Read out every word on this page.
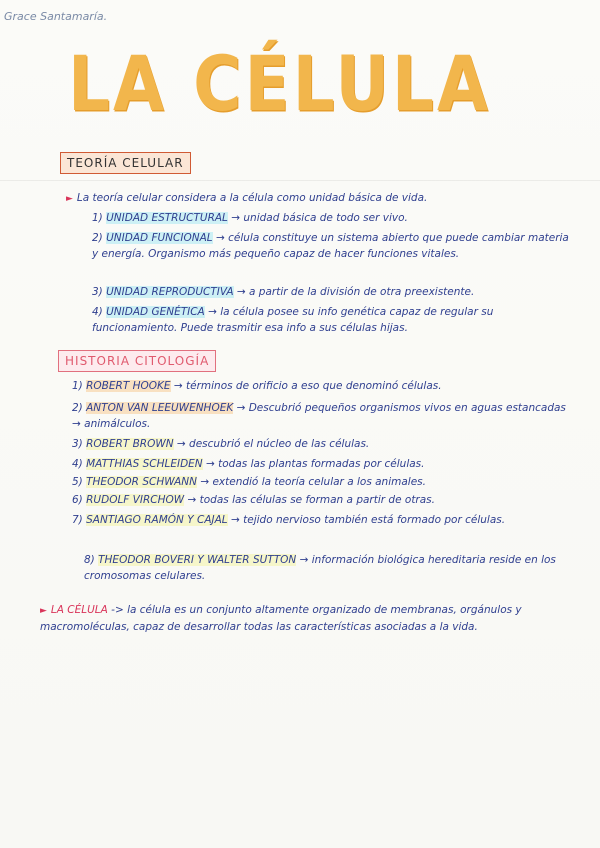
Grace Santamaría.
LA CÉLULA
TEORÍA CELULAR
► La teoría celular considera a la célula como unidad básica de vida.
1) UNIDAD ESTRUCTURAL → unidad básica de todo ser vivo.
2) UNIDAD FUNCIONAL → célula constituye un sistema abierto que puede cambiar materia y energía. Organismo más pequeño capaz de hacer funciones vitales.
3) UNIDAD REPRODUCTIVA → a partir de la división de otra preexistente.
4) UNIDAD GENÉTICA → la célula posee su info genética capaz de regular su funcionamiento. Puede trasmitir esa info a sus células hijas.
HISTORIA CITOLOGÍA
1) ROBERT HOOKE → términos de orificio a eso que denominó células.
2) ANTON VAN LEEUWENHOEK → Descubrió pequeños organismos vivos en aguas estancadas → animálculos.
3) ROBERT BROWN → descubrió el núcleo de las células.
4) MATTHIAS SCHLEIDEN → todas las plantas formadas por células.
5) THEODOR SCHWANN → extendió la teoría celular a los animales.
6) RUDOLF VIRCHOW → todas las células se forman a partir de otras.
7) SANTIAGO RAMÓN Y CAJAL → tejido nervioso también está formado por células.
8) THEODOR BOVERI Y WALTER SUTTON → información biológica hereditaria reside en los cromosomas celulares.
► LA CÉLULA -> la célula es un conjunto altamente organizado de membranas, orgánulos y macromoléculas, capaz de desarrollar todas las características asociadas a la vida.
